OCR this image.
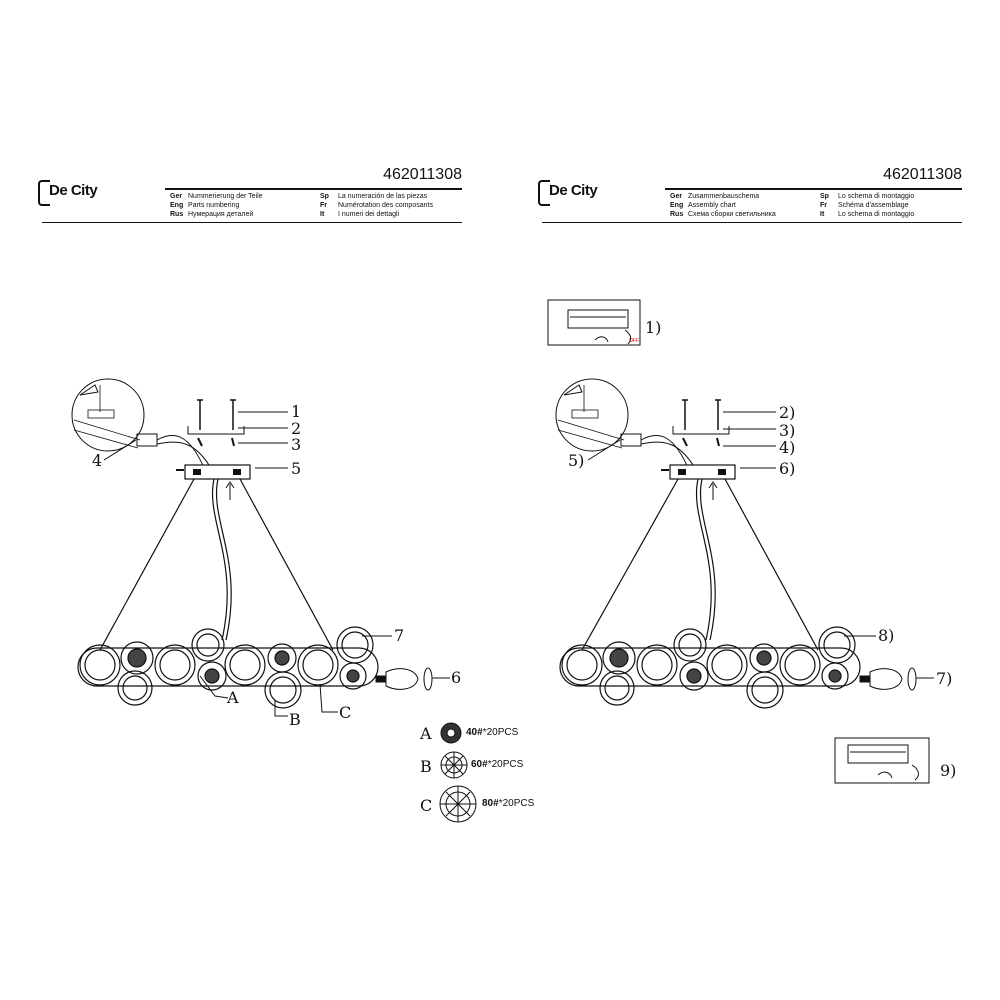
De City
462011308
Ger Nummerierung der Teile	Sp La numeración de las piezas
Eng Parts numbering	Fr Numérotation des composants
Rus Нумерация деталей	It I numeri dei dettagli
1
2
3
4	5
6
7
A
B C
A	40#*20PCS
B	60#*20PCS
C	80#*20PCS
De City
462011308
Ger Zusammenbauschema	Sp Lo schema di montaggio
Eng Assembly chart	Fr Schéma d'assemblage
Rus Схема сборки светильника	It Lo schema di montaggio
OFF
1)
2)
3)
4)
5)	6)
7)
8)
9)
